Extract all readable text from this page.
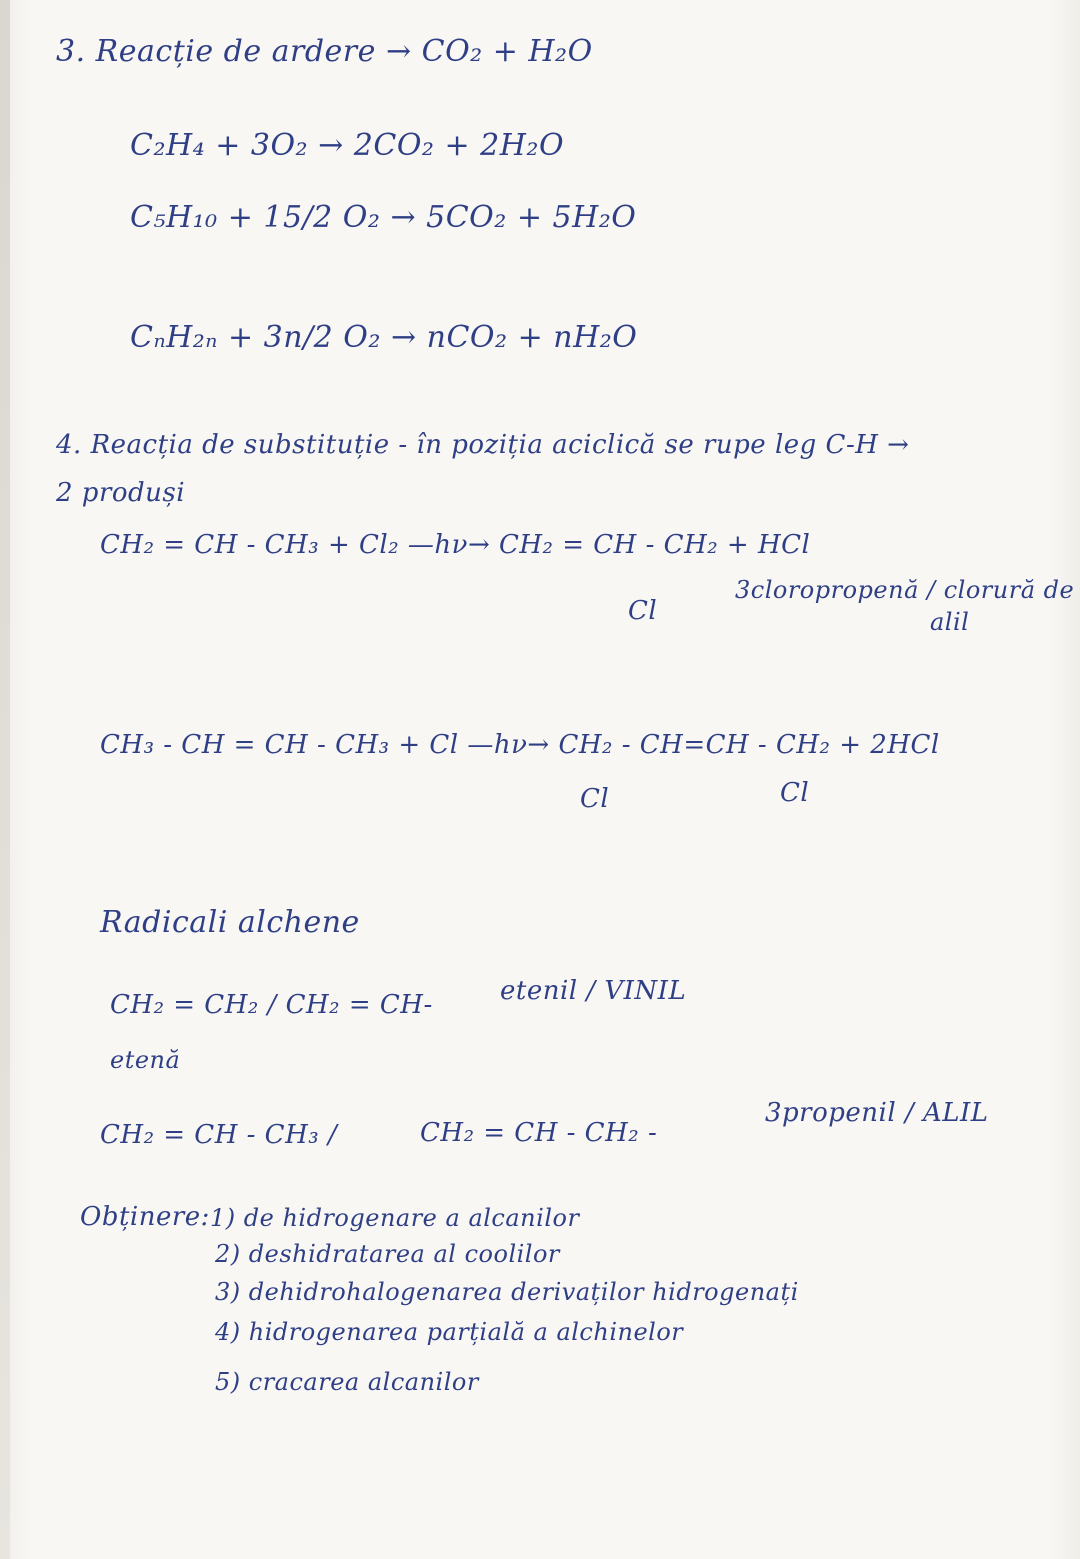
3. Reacție de ardere → CO₂ + H₂O
C₂H₄ + 3O₂ → 2CO₂ + 2H₂O
C₅H₁₀ + 15/2 O₂ → 5CO₂ + 5H₂O
CₙH₂ₙ + 3n/2 O₂ → nCO₂ + nH₂O
4. Reacția de substituție - în poziția aciclică se rupe leg C-H →
2 produși
CH₂ = CH - CH₃ + Cl₂ —hν→ CH₂ = CH - CH₂ + HCl
Cl
3cloropropenă / clorură de
alil
CH₃ - CH = CH - CH₃ + Cl —hν→ CH₂ - CH=CH - CH₂ + 2HCl
Cl	Cl
Radicali alchene
CH₂ = CH₂ / CH₂ = CH-	etenil / VINIL
etenă
CH₂ = CH - CH₃ /	CH₂ = CH - CH₂ -
3propenil / ALIL
Obținere: 1) de hidrogenare a alcanilor
2) deshidratarea al coolilor
3) dehidrohalogenarea derivaților hidrogenați
4) hidrogenarea parțială a alchinelor
5) cracarea alcanilor
